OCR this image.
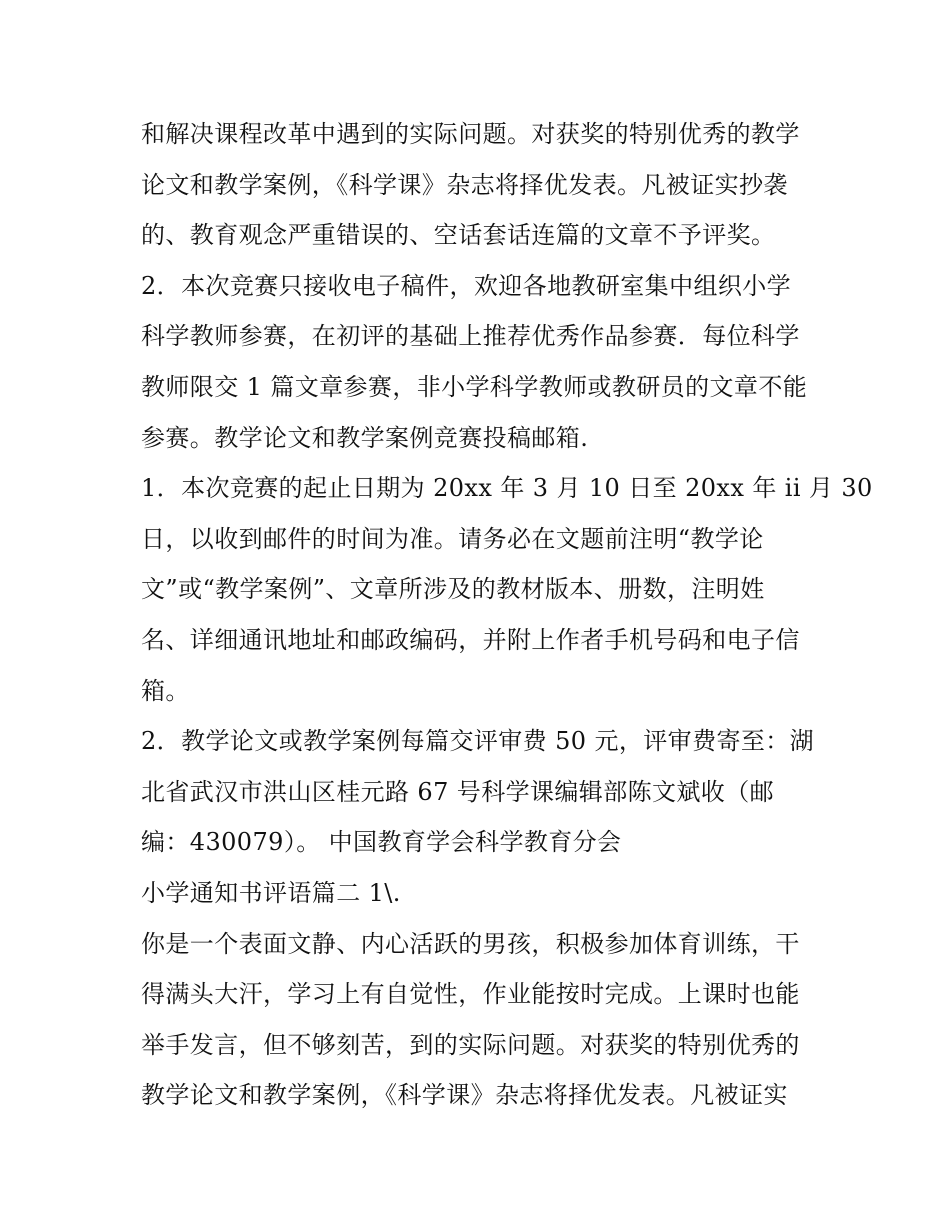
和解决课程改革中遇到的实际问题。对获奖的特别优秀的教学
论文和教学案例，《科学课》杂志将择优发表。凡被证实抄袭
的、教育观念严重错误的、空话套话连篇的文章不予评奖。
2．本次竞赛只接收电子稿件，欢迎各地教研室集中组织小学
科学教师参赛，在初评的基础上推荐优秀作品参赛．每位科学
教师限交 1 篇文章参赛，非小学科学教师或教研员的文章不能
参赛。教学论文和教学案例竞赛投稿邮箱.
1．本次竞赛的起止日期为 20xx 年 3 月 10 日至 20xx 年 ii 月 30
日，以收到邮件的时间为准。请务必在文题前注明“教学论
文”或“教学案例”、文章所涉及的教材版本、册数，注明姓
名、详细通讯地址和邮政编码，并附上作者手机号码和电子信
箱。
2．教学论文或教学案例每篇交评审费 50 元，评审费寄至：湖
北省武汉市洪山区桂元路 67 号科学课编辑部陈文斌收（邮
编：430079）。 中国教育学会科学教育分会
小学通知书评语篇二 1\.
你是一个表面文静、内心活跃的男孩，积极参加体育训练，干
得满头大汗，学习上有自觉性，作业能按时完成。上课时也能
举手发言，但不够刻苦，到的实际问题。对获奖的特别优秀的
教学论文和教学案例，《科学课》杂志将择优发表。凡被证实
